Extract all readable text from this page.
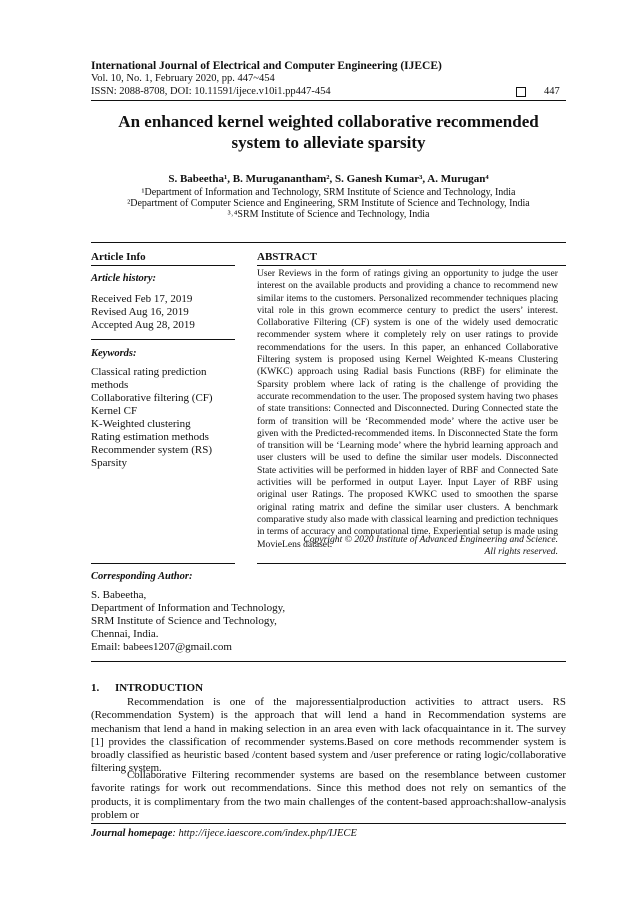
International Journal of Electrical and Computer Engineering (IJECE)
Vol. 10, No. 1, February 2020, pp. 447~454
ISSN: 2088-8708, DOI: 10.11591/ijece.v10i1.pp447-454	447
An enhanced kernel weighted collaborative recommended
system to alleviate sparsity
S. Babeetha¹, B. Muruganantham², S. Ganesh Kumar³, A. Murugan⁴
¹Department of Information and Technology, SRM Institute of Science and Technology, India
²Department of Computer Science and Engineering, SRM Institute of Science and Technology, India
³˒⁴SRM Institute of Science and Technology, India
Article Info
Article history:
Received Feb 17, 2019
Revised Aug 16, 2019
Accepted Aug 28, 2019
Keywords:
Classical rating prediction
methods
Collaborative filtering (CF)
Kernel CF
K-Weighted clustering
Rating estimation methods
Recommender system (RS)
Sparsity
ABSTRACT
User Reviews in the form of ratings giving an opportunity to judge the user interest on the available products and providing a chance to recommend new similar items to the customers. Personalized recommender techniques placing vital role in this grown ecommerce century to predict the users’ interest. Collaborative Filtering (CF) system is one of the widely used democratic recommender system where it completely rely on user ratings to provide recommendations for the users. In this paper, an enhanced Collaborative Filtering system is proposed using Kernel Weighted K-means Clustering (KWKC) approach using Radial basis Functions (RBF) for eliminate the Sparsity problem where lack of rating is the challenge of providing the accurate recommendation to the user. The proposed system having two phases of state transitions: Connected and Disconnected. During Connected state the form of transition will be ‘Recommended mode’ where the active user be given with the Predicted-recommended items. In Disconnected State the form of transition will be ‘Learning mode’ where the hybrid learning approach and user clusters will be used to define the similar user models. Disconnected State activities will be performed in hidden layer of RBF and Connected Sate activities will be performed in output Layer. Input Layer of RBF using original user Ratings. The proposed KWKC used to smoothen the sparse original rating matrix and define the similar user clusters. A benchmark comparative study also made with classical learning and prediction techniques in terms of accuracy and computational time. Experiential setup is made using MovieLens dataset.
Copyright © 2020 Institute of Advanced Engineering and Science.
All rights reserved.
Corresponding Author:
S. Babeetha,
Department of Information and Technology,
SRM Institute of Science and Technology,
Chennai, India.
Email: babees1207@gmail.com
1. INTRODUCTION
Recommendation is one of the majoressentialproduction activities to attract users. RS (Recommendation System) is the approach that will lend a hand in Recommendation systems are mechanism that lend a hand in making selection in an area even with lack ofacquaintance in it. The survey [1] provides the classification of recommender systems.Based on core methods recommender system is broadly classified as heuristic based /content based system and /user preference or rating logic/collaborative filtering system.
Collaborative Filtering recommender systems are based on the resemblance between customer favorite ratings for work out recommendations. Since this method does not rely on semantics of the products, it is complimentary from the two main challenges of the content-based approach:shallow-analysis problem or
Journal homepage: http://ijece.iaescore.com/index.php/IJECE
